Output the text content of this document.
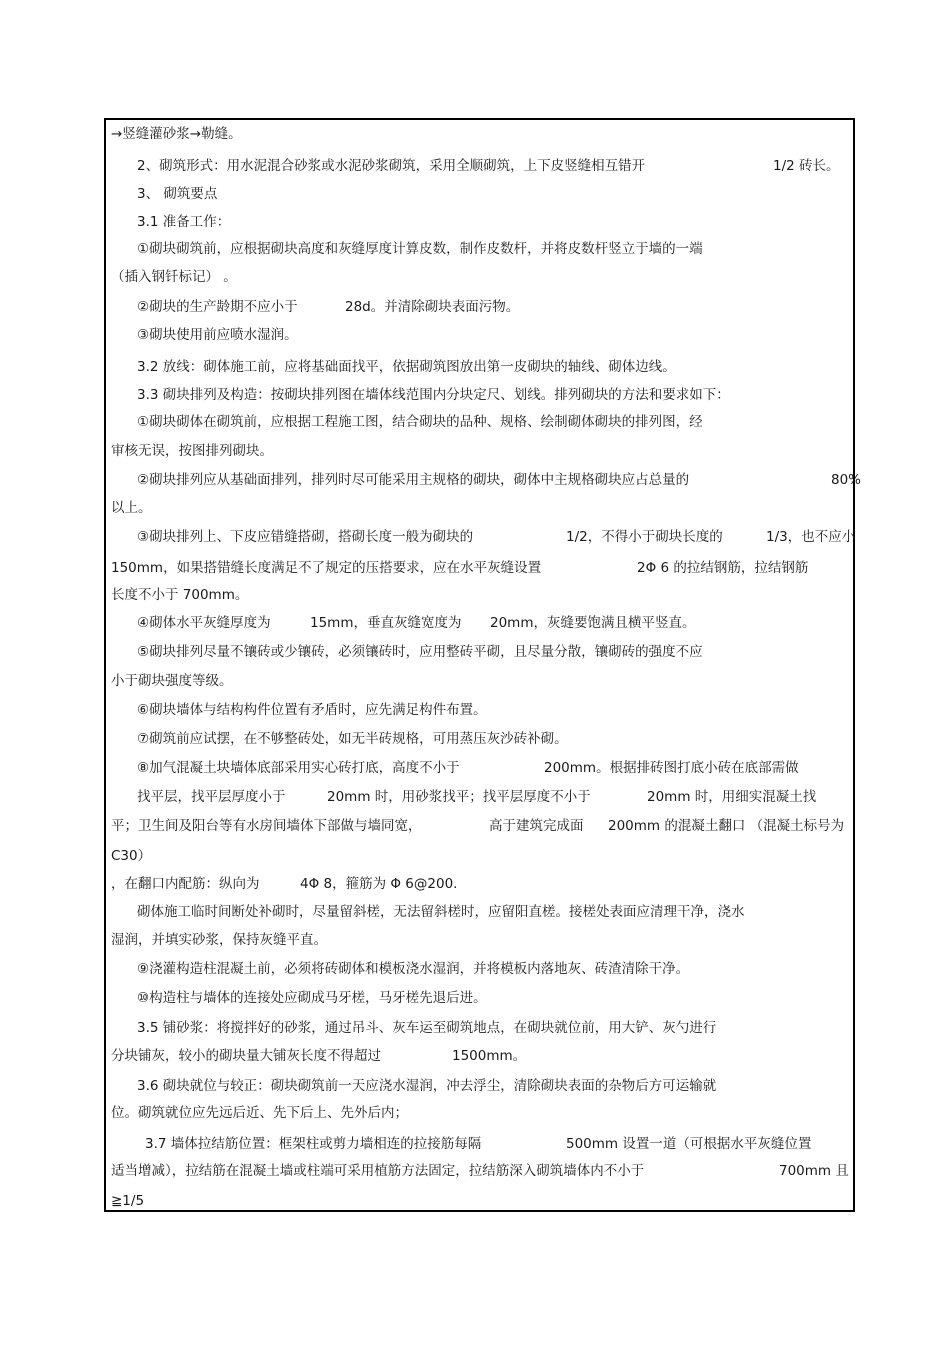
→竖缝灌砂浆→勒缝。
2、砌筑形式：用水泥混合砂浆或水泥砂浆砌筑，采用全顺砌筑，上下皮竖缝相互错开	1/2 砖长。
3、 砌筑要点
3.1 准备工作：
①砌块砌筑前，应根据砌块高度和灰缝厚度计算皮数，制作皮数杆，并将皮数杆竖立于墙的一端
（插入钢钎标记） 。
②砌块的生产龄期不应小于	28d。并清除砌块表面污物。
③砌块使用前应喷水湿润。
3.2 放线：砌体施工前，应将基础面找平，依据砌筑图放出第一皮砌块的轴线、砌体边线。
3.3 砌块排列及构造：按砌块排列图在墙体线范围内分块定尺、划线。排列砌块的方法和要求如下：
①砌块砌体在砌筑前，应根据工程施工图，结合砌块的品种、规格、绘制砌体砌块的排列图，经
审核无误，按图排列砌块。
②砌块排列应从基础面排列，排列时尽可能采用主规格的砌块，砌体中主规格砌块应占总量的	80%
以上。
③砌块排列上、下皮应错缝搭砌，搭砌长度一般为砌块的	1/2，不得小于砌块长度的	1/3，也不应小
150mm，如果搭错缝长度满足不了规定的压搭要求，应在水平灰缝设置	2Φ 6 的拉结钢筋，拉结钢筋
长度不小于 700mm。
④砌体水平灰缝厚度为	15mm，垂直灰缝宽度为 20mm，灰缝要饱满且横平竖直。
⑤砌块排列尽量不镶砖或少镶砖，必须镶砖时，应用整砖平砌，且尽量分散，镶砌砖的强度不应
小于砌块强度等级。
⑥砌块墙体与结构构件位置有矛盾时，应先满足构件布置。
⑦砌筑前应试摆，在不够整砖处，如无半砖规格，可用蒸压灰沙砖补砌。
⑧加气混凝土块墙体底部采用实心砖打底，高度不小于	200mm。根据排砖图打底小砖在底部需做
找平层，找平层厚度小于	20mm 时，用砂浆找平；找平层厚度不小于	20mm 时，用细实混凝土找
平；卫生间及阳台等有水房间墙体下部做与墙同宽，	高于建筑完成面 200mm 的混凝土翻口 （混凝土标号为
C30）
，在翻口内配筋：纵向为	4Φ 8，箍筋为 Φ 6@200.
砌体施工临时间断处补砌时，尽量留斜槎，无法留斜槎时，应留阳直槎。接槎处表面应清理干净，浇水
湿润，并填实砂浆，保持灰缝平直。
⑨浇灌构造柱混凝土前，必须将砖砌体和模板浇水湿润，并将模板内落地灰、砖渣清除干净。
⑩构造柱与墙体的连接处应砌成马牙槎，马牙槎先退后进。
3.5 铺砂浆：将搅拌好的砂浆，通过吊斗、灰车运至砌筑地点，在砌块就位前，用大铲、灰勺进行
分块铺灰，较小的砌块量大铺灰长度不得超过	1500mm。
3.6 砌块就位与较正：砌块砌筑前一天应浇水湿润，冲去浮尘，清除砌块表面的杂物后方可运输就
位。砌筑就位应先远后近、先下后上、先外后内；
3.7 墙体拉结筋位置：框架柱或剪力墙相连的拉接筋每隔	500mm 设置一道（可根据水平灰缝位置
适当增减），拉结筋在混凝土墙或柱端可采用植筋方法固定，拉结筋深入砌筑墙体内不小于	700mm 且
≧1/5
